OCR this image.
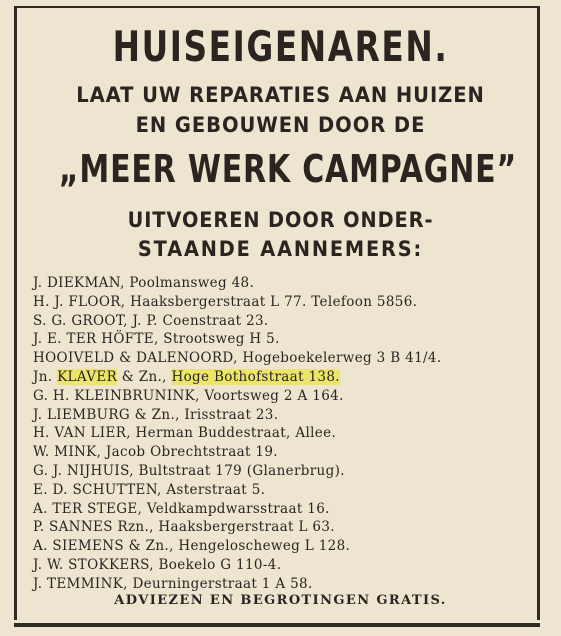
HUISEIGENAREN.
LAAT UW REPARATIES AAN HUIZEN
EN GEBOUWEN DOOR DE
„MEER WERK CAMPAGNE”
UITVOEREN DOOR ONDER-
STAANDE AANNEMERS:
J. DIEKMAN, Poolmansweg 48.
H. J. FLOOR, Haaksbergerstraat L 77. Telefoon 5856.
S. G. GROOT, J. P. Coenstraat 23.
J. E. TER HÖFTE, Strootsweg H 5.
HOOIVELD & DALENOORD, Hogeboekelerweg 3 B 41/4.
Jn. KLAVER & Zn., Hoge Bothofstraat 138.
G. H. KLEINBRUNINK, Voortsweg 2 A 164.
J. LIEMBURG & Zn., Irisstraat 23.
H. VAN LIER, Herman Buddestraat, Allee.
W. MINK, Jacob Obrechtstraat 19.
G. J. NIJHUIS, Bultstraat 179 (Glanerbrug).
E. D. SCHUTTEN, Asterstraat 5.
A. TER STEGE, Veldkampdwarsstraat 16.
P. SANNES Rzn., Haaksbergerstraat L 63.
A. SIEMENS & Zn., Hengeloscheweg L 128.
J. W. STOKKERS, Boekelo G 110-4.
J. TEMMINK, Deurningerstraat 1 A 58.
ADVIEZEN EN BEGROTINGEN GRATIS.
